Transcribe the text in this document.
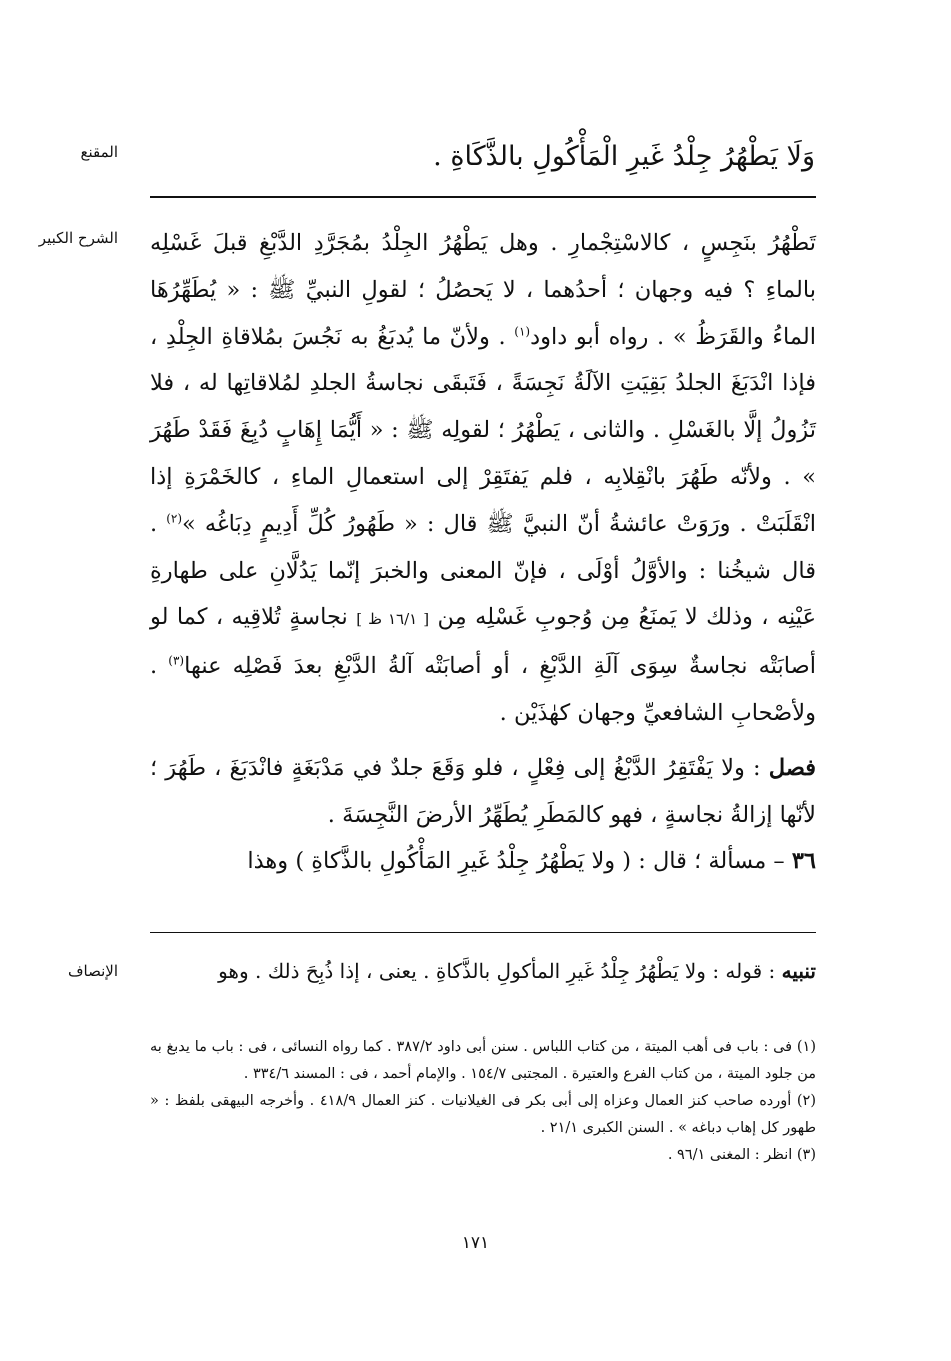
المقنع
الشرح الكبير
الإنصاف
وَلَا يَطْهُرُ جِلْدُ غَيرِ الْمَأْكُولِ بالذَّكَاةِ .

تَطْهُرُ بنَجِسٍ ، كالاسْتِجْمارِ . وهل يَطْهُرُ الجِلْدُ بمُجَرَّدِ الدَّبْغِ قبلَ غَسْلِه بالماءِ ؟ فيه وجهان ؛ أحدُهما ، لا يَحصُلُ ؛ لقولِ النبيِّ ﷺ : « يُطَهِّرُهَا الماءُ والقَرَظُ » . رواه أبو داود$^{(١)}$ . ولأنّ ما يُدبَغُ به نَجُسَ بمُلاقاةِ الجِلْدِ ، فإذا انْدَبَغَ الجلدُ بَقِيَتِ الآلَةُ نَجِسَةً ، فَتَبقَى نجاسةُ الجلدِ لمُلاقاتِها له ، فلا تَزُولُ إلَّا بالغَسْلِ . والثانى ، يَطْهُرُ ؛ لقولِه ﷺ : « أَيُّمَا إِهَابٍ دُبِغَ فَقَدْ طَهُرَ » . ولأنّه طَهُرَ بانْقِلابِه ، فلم يَفتَقِرْ إلى استعمالِ الماءِ ، كالخَمْرَةِ إذا انْقَلَبَتْ . ورَوَتْ عائشةُ أنّ النبيَّ ﷺ قال : « طَهُورُ كُلِّ أَدِيمٍ دِبَاغُه »$^{(٢)}$ . قال شيخُنا : والأوَّلُ أوْلَى ، فإنّ المعنى والخبرَ إنّما يَدُلَّانِ على طهارةِ عَيْنِه ، وذلك لا يَمنَعُ مِن وُجوبِ غَسْلِه مِن [ ١٦/١ ظ ] نجاسةٍ تُلاقِيه ، كما لو أصابَتْه نجاسةٌ سِوَى آلَةِ الدَّبْغِ ، أو أصابَتْه آلةُ الدَّبْغِ بعدَ فَصْلِه عنها$^{(٣)}$ . ولأصْحابِ الشافعيِّ وجهان كهٰذَيْن .

فصل : ولا يَفْتَقِرُ الدَّبْغُ إلى فِعْلٍ ، فلو وَقَعَ جلدٌ في مَدْبَغَةٍ فانْدَبَغَ ، طَهُرَ ؛ لأنّها إزالةُ نجاسةٍ ، فهو كالمَطَرِ يُطَهِّرُ الأرضَ النَّجِسَةَ .

٣٦ – مسألة ؛ قال : ( ولا يَطْهُرُ جِلْدُ غَيرِ المَأْكُولِ بالذَّكاةِ ) وهذا

تنبيه : قوله : ولا يَطْهُرُ جِلْدُ غَيرِ المأكولِ بالذَّكاةِ . يعنى ، إذا ذُبِحَ ذلك . وهو

(١) فى : باب فى أهب الميتة ، من كتاب اللباس . سنن أبى داود ٣٨٧/٢ . كما رواه النسائى ، فى : باب ما يدبغ به من جلود الميتة ، من كتاب الفرع والعتيرة . المجتبى ١٥٤/٧ . والإمام أحمد ، فى : المسند ٣٣٤/٦ .

(٢) أورده صاحب كنز العمال وعزاه إلى أبى بكر فى الغيلانيات . كنز العمال ٤١٨/٩ . وأخرجه البيهقى بلفظ : « طهور كل إهاب دباغه » . السنن الكبرى ٢١/١ .

(٣) انظر : المغنى ٩٦/١ .

١٧١
